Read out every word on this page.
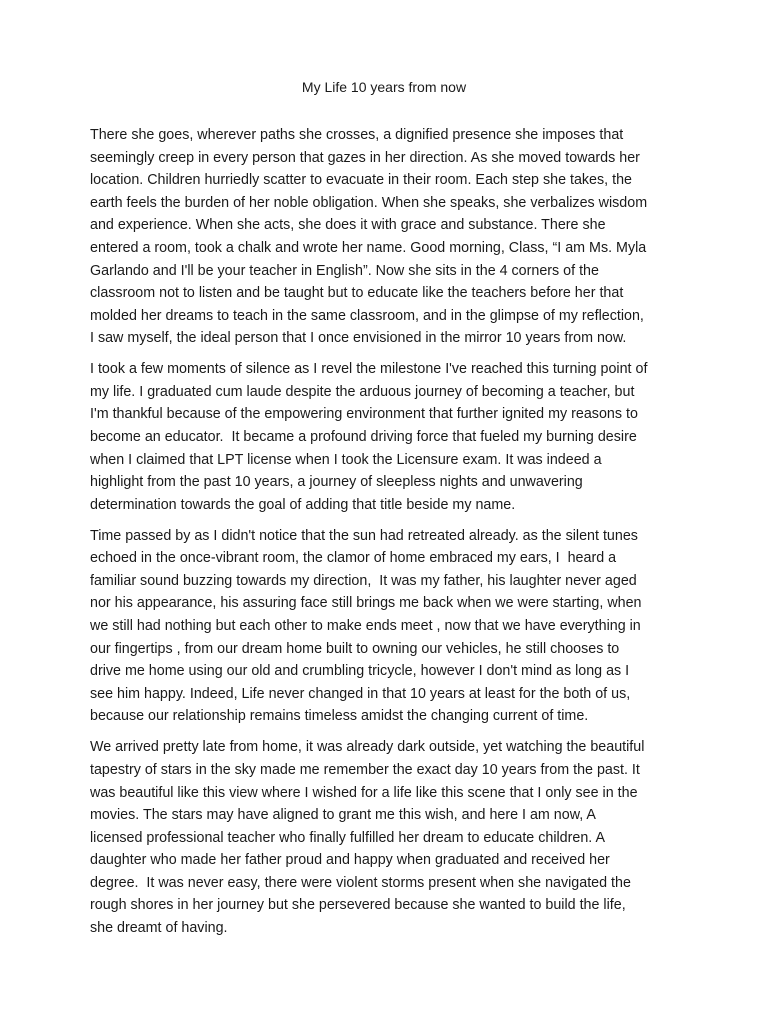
My Life 10 years from now

There she goes, wherever paths she crosses, a dignified presence she imposes that
seemingly creep in every person that gazes in her direction. As she moved towards her
location. Children hurriedly scatter to evacuate in their room. Each step she takes, the
earth feels the burden of her noble obligation. When she speaks, she verbalizes wisdom
and experience. When she acts, she does it with grace and substance. There she
entered a room, took a chalk and wrote her name. Good morning, Class, “I am Ms. Myla
Garlando and I'll be your teacher in English”. Now she sits in the 4 corners of the
classroom not to listen and be taught but to educate like the teachers before her that
molded her dreams to teach in the same classroom, and in the glimpse of my reflection,
I saw myself, the ideal person that I once envisioned in the mirror 10 years from now.

I took a few moments of silence as I revel the milestone I've reached this turning point of
my life. I graduated cum laude despite the arduous journey of becoming a teacher, but
I'm thankful because of the empowering environment that further ignited my reasons to
become an educator.  It became a profound driving force that fueled my burning desire
when I claimed that LPT license when I took the Licensure exam. It was indeed a
highlight from the past 10 years, a journey of sleepless nights and unwavering
determination towards the goal of adding that title beside my name.

Time passed by as I didn't notice that the sun had retreated already. as the silent tunes
echoed in the once-vibrant room, the clamor of home embraced my ears, I  heard a
familiar sound buzzing towards my direction,  It was my father, his laughter never aged
nor his appearance, his assuring face still brings me back when we were starting, when
we still had nothing but each other to make ends meet , now that we have everything in
our fingertips , from our dream home built to owning our vehicles, he still chooses to
drive me home using our old and crumbling tricycle, however I don't mind as long as I
see him happy. Indeed, Life never changed in that 10 years at least for the both of us,
because our relationship remains timeless amidst the changing current of time.

We arrived pretty late from home, it was already dark outside, yet watching the beautiful
tapestry of stars in the sky made me remember the exact day 10 years from the past. It
was beautiful like this view where I wished for a life like this scene that I only see in the
movies. The stars may have aligned to grant me this wish, and here I am now, A
licensed professional teacher who finally fulfilled her dream to educate children. A
daughter who made her father proud and happy when graduated and received her
degree.  It was never easy, there were violent storms present when she navigated the
rough shores in her journey but she persevered because she wanted to build the life,
she dreamt of having.
